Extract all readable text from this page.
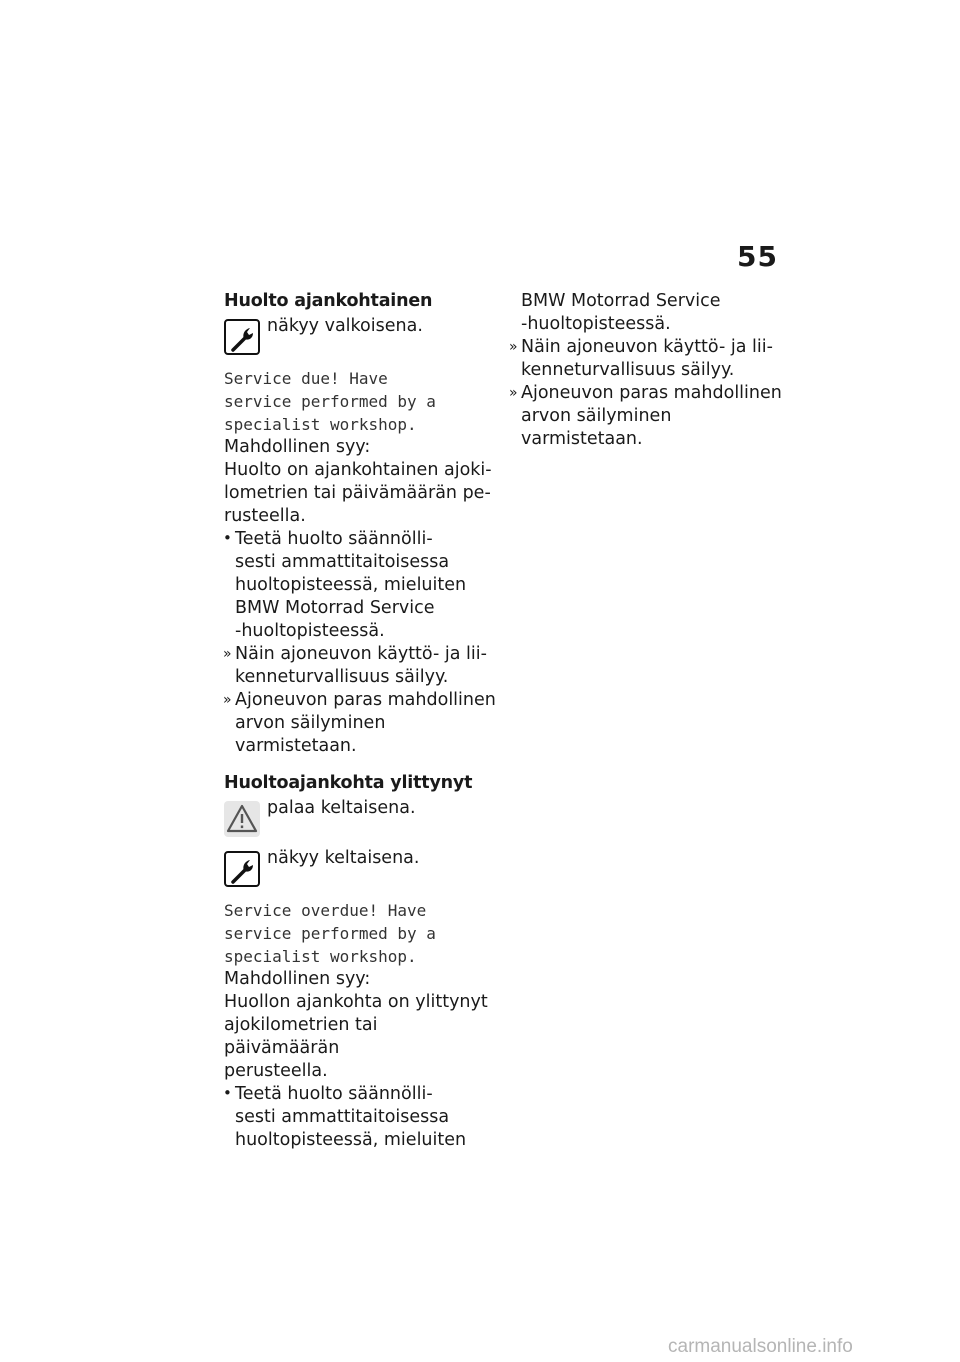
55
Huolto ajankohtainen
näkyy valkoisena.
Service due! Have
service performed by a
specialist workshop.

Mahdollinen syy:

Huolto on ajankohtainen ajoki-
lometrien tai päivämäärän pe-
rusteella.

• Teetä huolto säännölli-
sesti ammattitaitoisessa
huoltopisteessä, mieluiten
BMW Motorrad Service
-huoltopisteessä.
» Näin ajoneuvon käyttö- ja lii-
kenneturvallisuus säilyy.
» Ajoneuvon paras mahdollinen
arvon säilyminen varmistetaan.
Huoltoajankohta ylittynyt
palaa keltaisena.
näkyy keltaisena.
Service overdue! Have
service performed by a
specialist workshop.

Mahdollinen syy:

Huollon ajankohta on ylittynyt
ajokilometrien tai päivämäärän
perusteella.

• Teetä huolto säännölli-
sesti ammattitaitoisessa
huoltopisteessä, mieluiten
BMW Motorrad Service
-huoltopisteessä.
» Näin ajoneuvon käyttö- ja lii-
kenneturvallisuus säilyy.
» Ajoneuvon paras mahdollinen
arvon säilyminen varmistetaan.
carmanualsonline.info
